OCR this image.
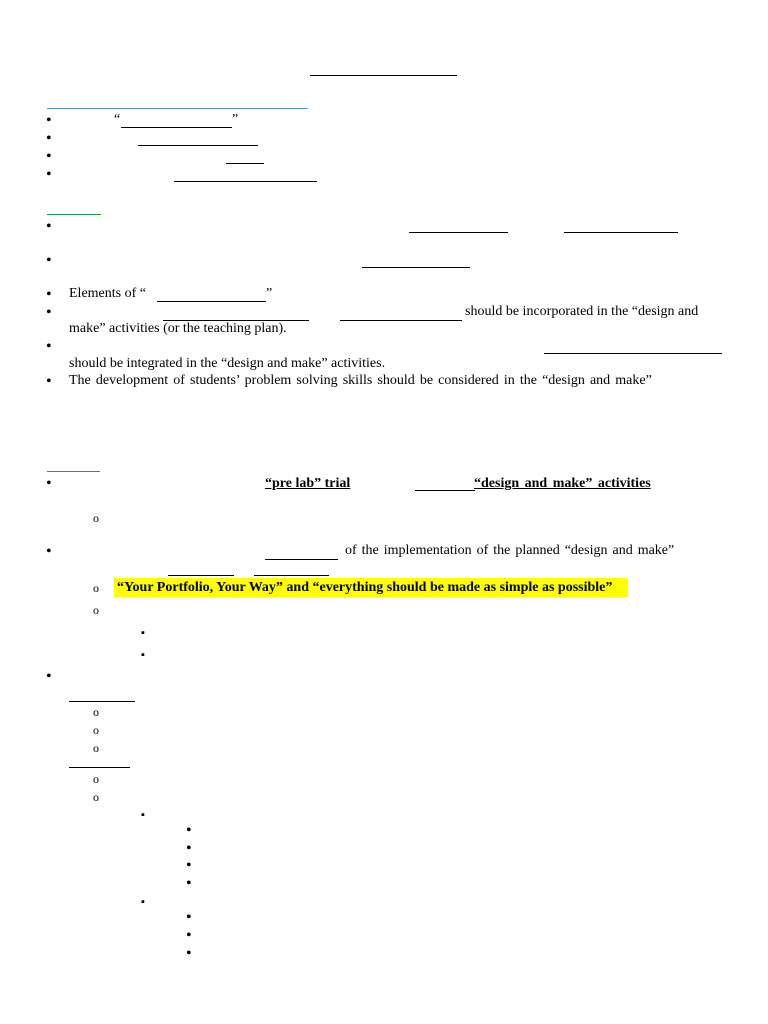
•
“	”
•
•
•
•
•
•
Elements of “	”
•
should be incorporated in the “design and
make” activities (or the teaching plan).
•
should be integrated in the “design and make” activities.
•
The development of students’ problem solving skills should be considered in the “design and make”
•
“pre lab” trial	“design and make” activities
o
•
of the implementation of the planned “design and make”
o
“Your Portfolio, Your Way” and “everything should be made as simple as possible”
o
▪
▪
•
o
o
o
o
o
▪
•
•
•
•
▪
•
•
•
